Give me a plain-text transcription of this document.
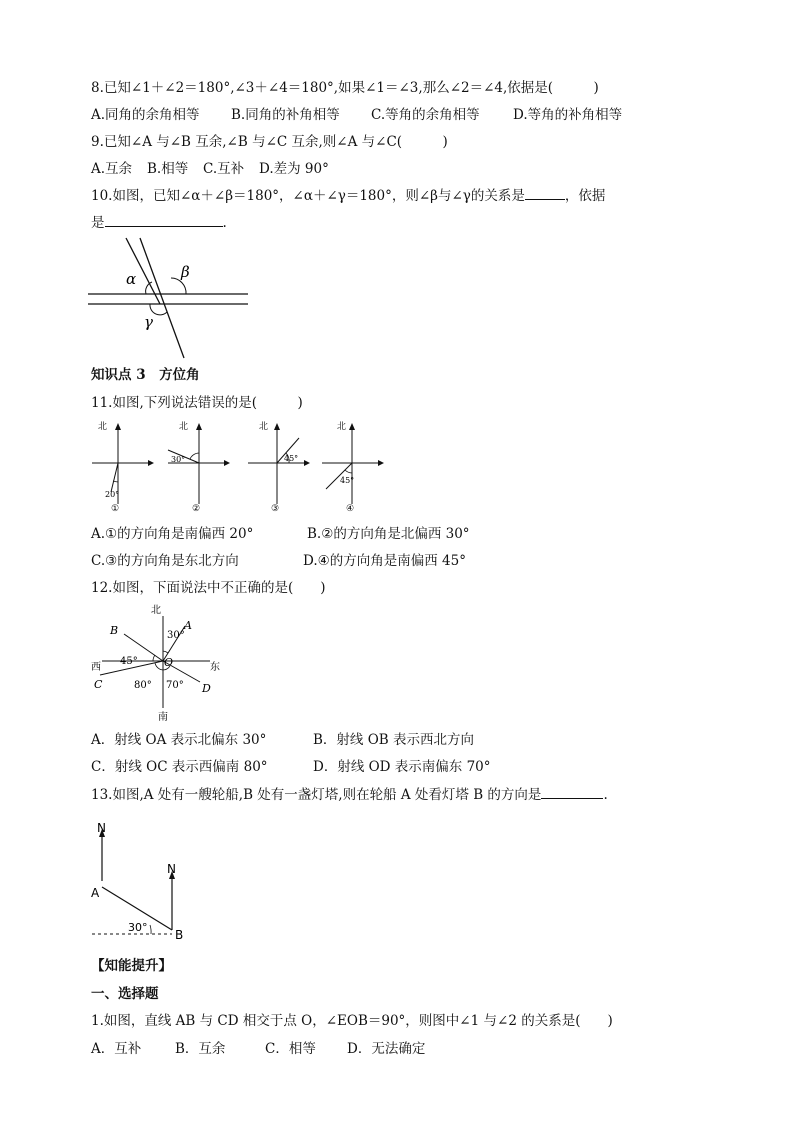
8.已知∠1＋∠2＝180°,∠3＋∠4＝180°,如果∠1＝∠3,那么∠2＝∠4,依据是(　　　)
A.同角的余角相等 B.同角的补角相等 C.等角的余角相等 D.等角的补角相等
9.已知∠A 与∠B 互余,∠B 与∠C 互余,则∠A 与∠C(　　　)
A.互余 B.相等 C.互补 D.差为 90°
10.如图，已知∠α＋∠β＝180°，∠α＋∠γ＝180°，则∠β与∠γ的关系是	，依据
是	.
α	β
γ
知识点 3　方位角
11.如图,下列说法错误的是(　　　)
北
20°
①
北
30°
②
北
45°
③
北
45°
④
A.①的方向角是南偏西 20°	B.②的方向角是北偏西 30°
C.③的方向角是东北方向	D.④的方向角是南偏西 45°
12.如图，下面说法中不正确的是(　　)
北
南
西	东
A
B
C	D
O
30°
45°
80° 70°
A．射线 OA 表示北偏东 30°	B．射线 OB 表示西北方向
C．射线 OC 表示西偏南 80°	D．射线 OD 表示南偏东 70°
13.如图,A 处有一艘轮船,B 处有一盏灯塔,则在轮船 A 处看灯塔 B 的方向是	.
N
N
A
B
30°
【知能提升】
一、选择题
1.如图，直线 AB 与 CD 相交于点 O，∠EOB＝90°，则图中∠1 与∠2 的关系是(　　)
A．互补	B．互余	C．相等 D．无法确定
